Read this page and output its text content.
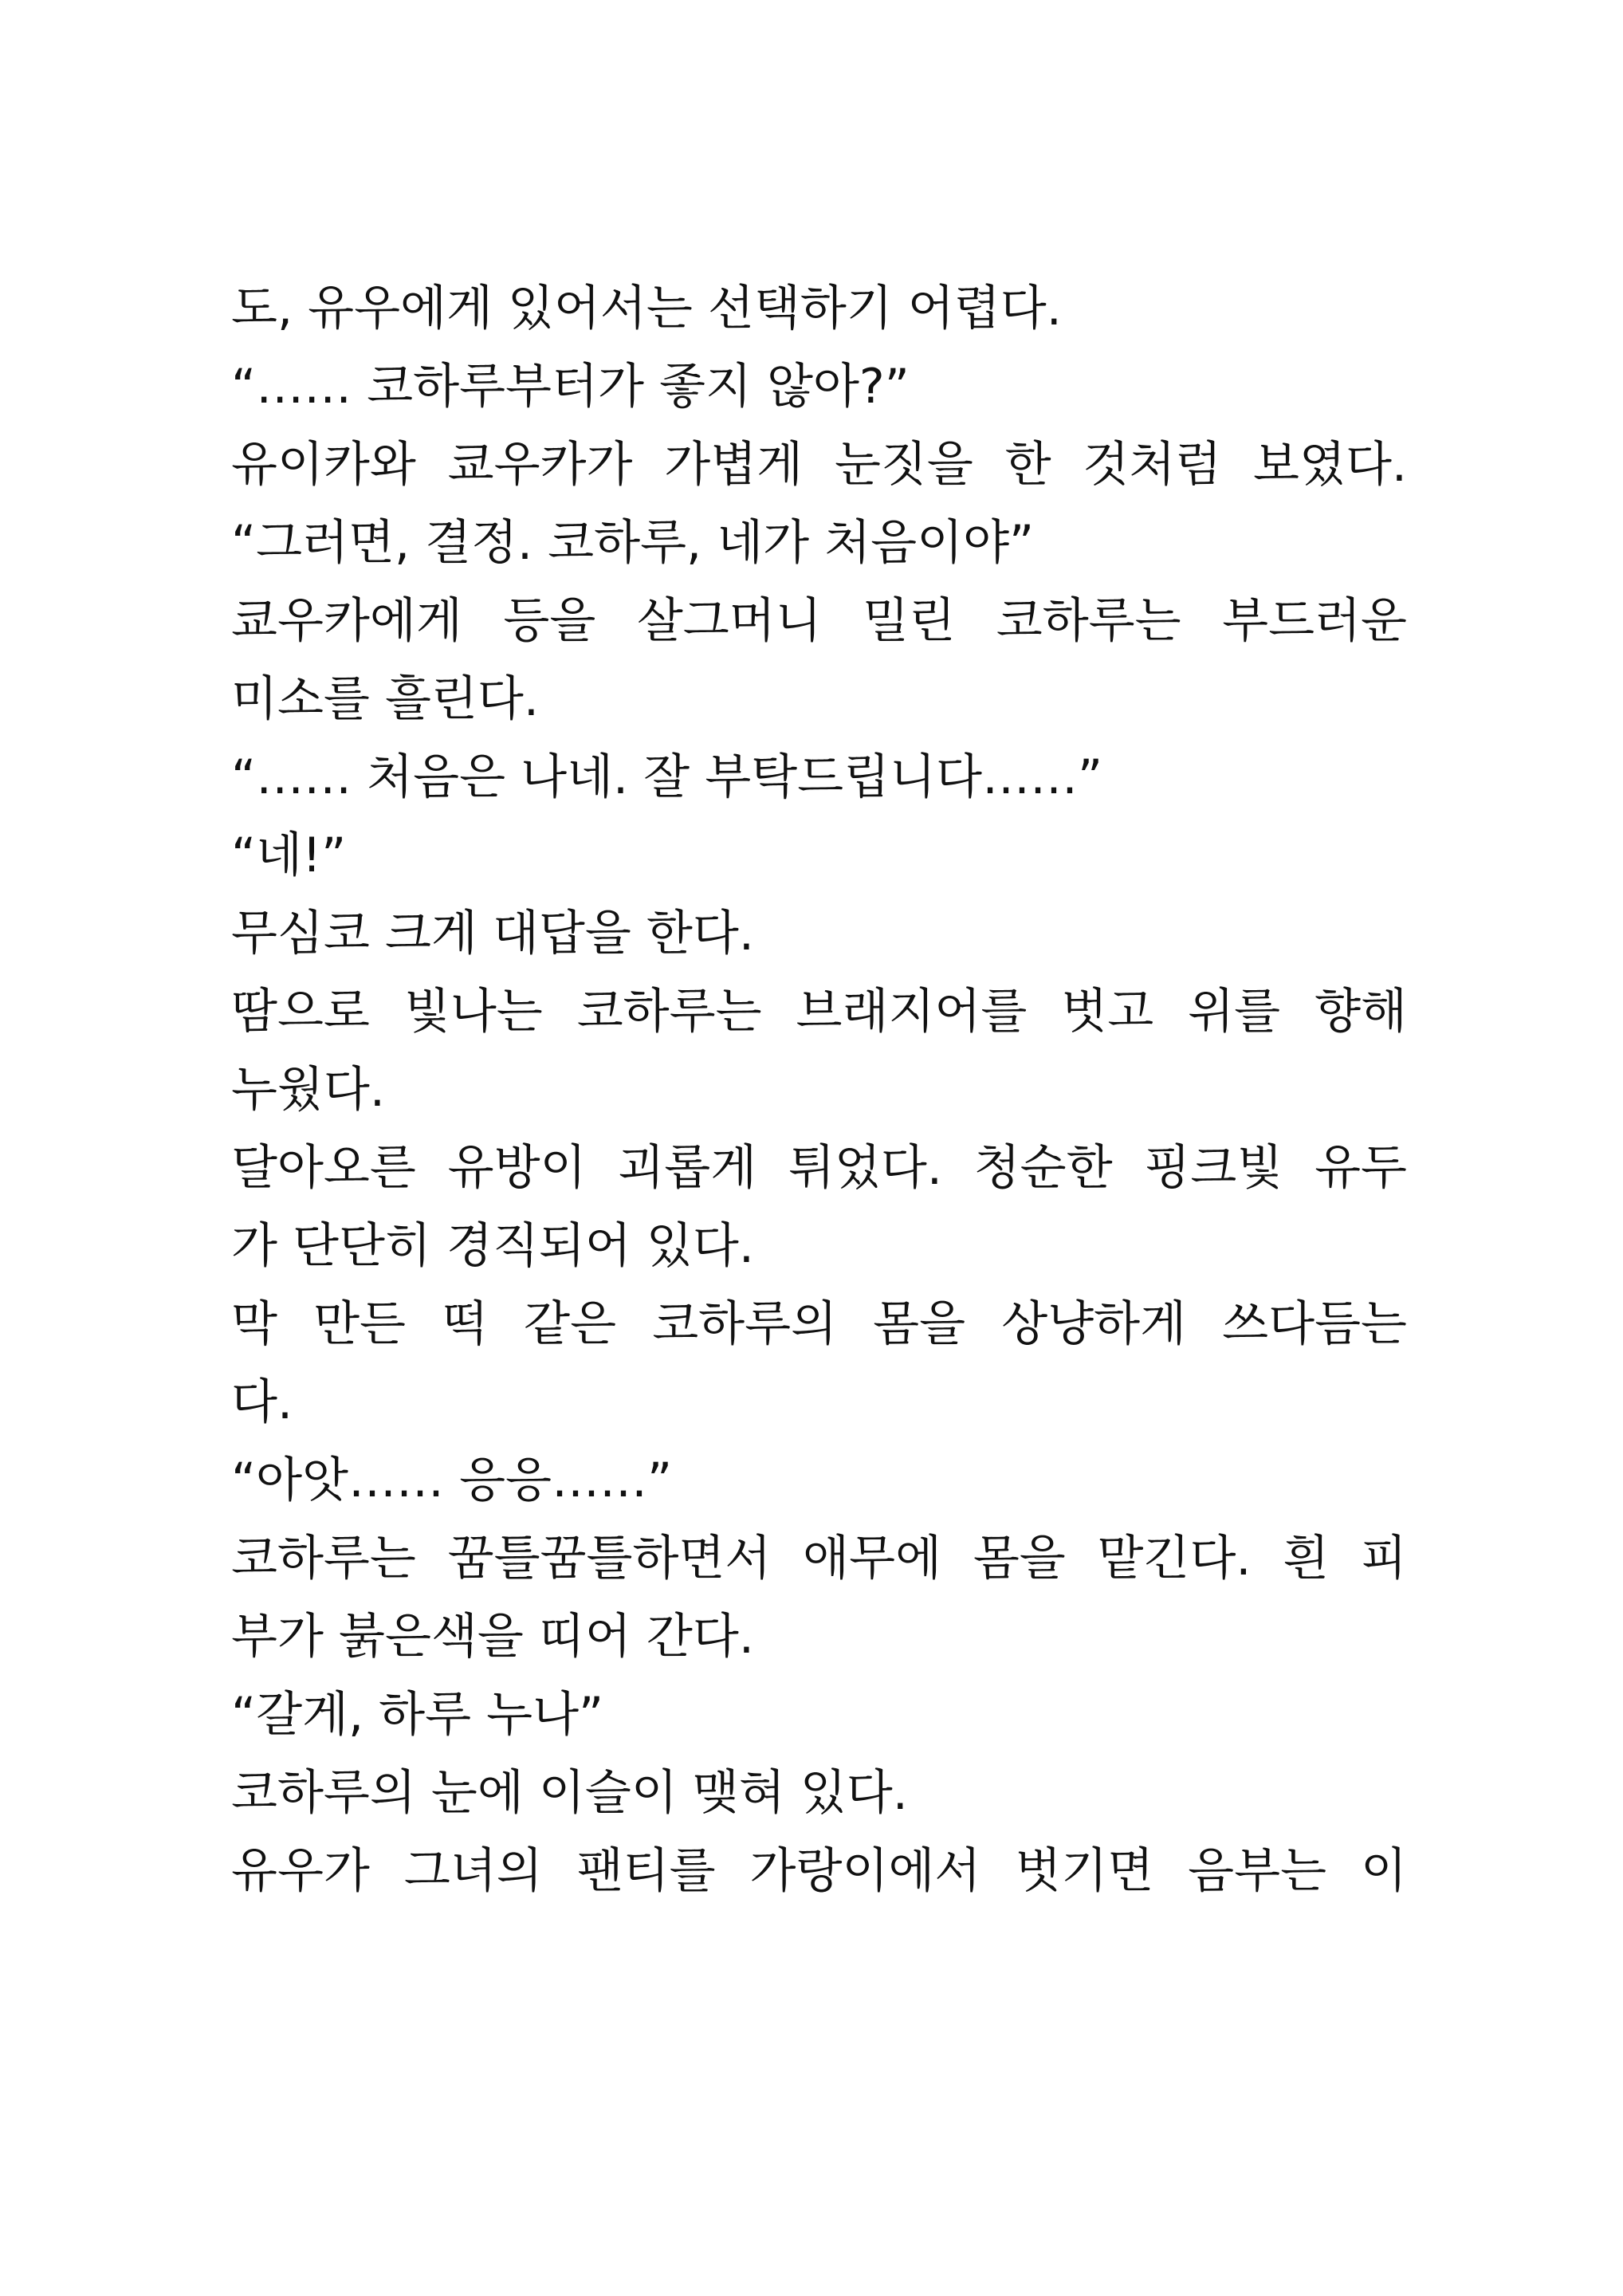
도, 유우에게 있어서는 선택하기 어렵다.
“…… 코하루부터가 좋지 않아?”
유이카와 쿄우카가 가볍게 눈짓을 한 것처럼 보였다.
“그러면, 결정. 코하루, 네가 처음이야”
쿄우카에게 등을 살그머니 밀린 코하루는 부드러운
미소를 흘린다.
“…… 처음은 나네. 잘 부탁드립니다……”
“네!”
무심코 크게 대답을 한다.
땀으로 빛나는 코하루는 브래지어를 벗고 위를 향해
누웠다.
달아오른 유방이 괴롭게 튀었다. 청순한 핑크빛 유두
가 단단히 경직되어 있다.
막 만든 떡 같은 코하루의 몸을 상냥하게 쓰다듬는
다.
“아앗…… 응응……”
코하루는 꿈틀꿈틀하면서 애무에 몸을 맡긴다. 흰 피
부가 붉은색을 띠어 간다.
“갈게, 하루 누나”
코하루의 눈에 이슬이 맺혀 있다.
유우가 그녀의 팬티를 가랑이에서 벗기면 음부는 이
